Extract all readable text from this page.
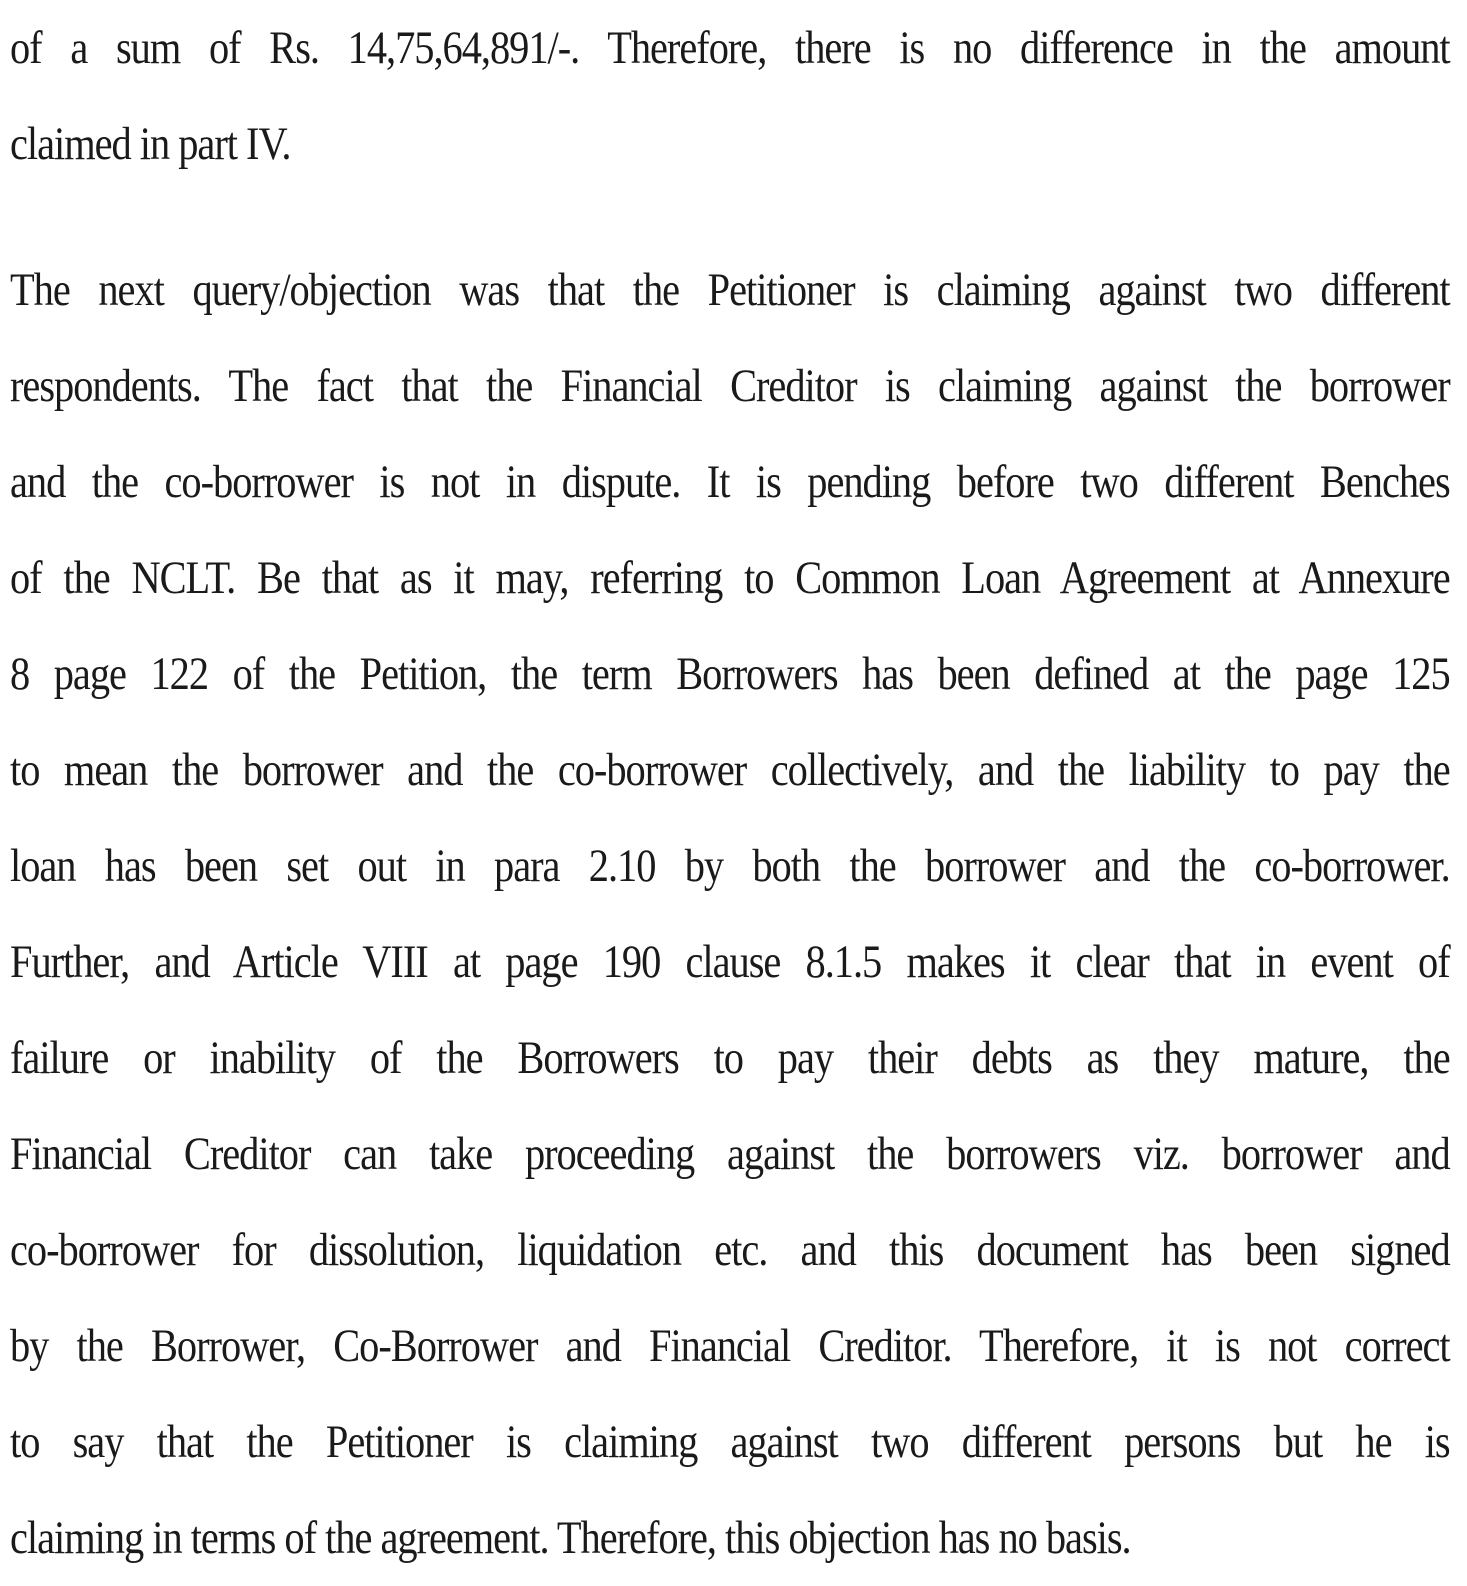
of a sum of Rs. 14,75,64,891/-. Therefore, there is no difference in the amount
claimed in part IV.
The next query/objection was that the Petitioner is claiming against two different
respondents. The fact that the Financial Creditor is claiming against the borrower
and the co-borrower is not in dispute. It is pending before two different Benches
of the NCLT. Be that as it may, referring to Common Loan Agreement at Annexure
8 page 122 of the Petition, the term Borrowers has been defined at the page 125
to mean the borrower and the co-borrower collectively, and the liability to pay the
loan has been set out in para 2.10 by both the borrower and the co-borrower.
Further, and Article VIII at page 190 clause 8.1.5 makes it clear that in event of
failure or inability of the Borrowers to pay their debts as they mature, the
Financial Creditor can take proceeding against the borrowers viz. borrower and
co-borrower for dissolution, liquidation etc. and this document has been signed
by the Borrower, Co-Borrower and Financial Creditor. Therefore, it is not correct
to say that the Petitioner is claiming against two different persons but he is
claiming in terms of the agreement. Therefore, this objection has no basis.
